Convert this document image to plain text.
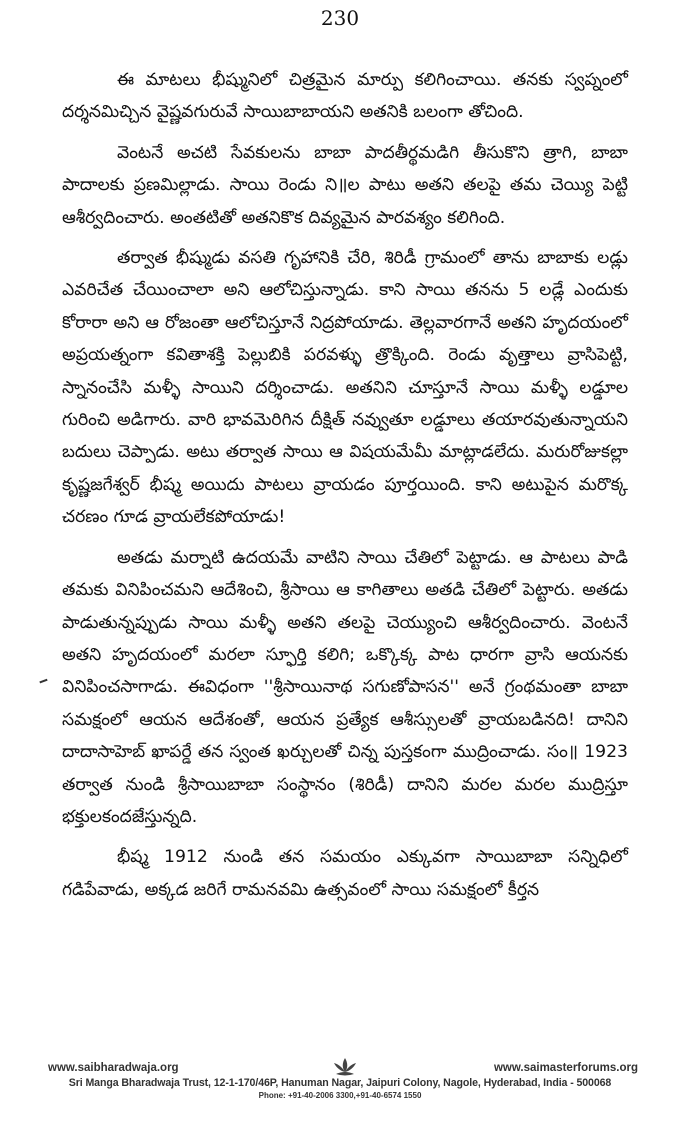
230

ఈ మాటలు భీష్మునిలో చిత్రమైన మార్పు కలిగించాయి. తనకు స్వప్నంలో దర్శనమిచ్చిన వైష్ణవగురువే సాయిబాబాయని అతనికి బలంగా తోచింది.

వెంటనే అచటి సేవకులను బాబా పాదతీర్థమడిగి తీసుకొని త్రాగి, బాబా పాదాలకు ప్రణమిల్లాడు. సాయి రెండు ని॥ల పాటు అతని తలపై తమ చెయ్యి పెట్టి ఆశీర్వదించారు. అంతటితో అతనికొక దివ్యమైన పారవశ్యం కలిగింది.

తర్వాత భీష్ముడు వసతి గృహానికి చేరి, శిరిడీ గ్రామంలో తాను బాబాకు లడ్లు ఎవరిచేత చేయించాలా అని ఆలోచిస్తున్నాడు. కాని సాయి తనను 5 లడ్లే ఎందుకు కోరారా అని ఆ రోజంతా ఆలోచిస్తూనే నిద్రపోయాడు. తెల్లవారగానే అతని హృదయంలో అప్రయత్నంగా కవితాశక్తి పెల్లుబికి పరవళ్ళు త్రొక్కింది. రెండు వృత్తాలు వ్రాసిపెట్టి, స్నానంచేసి మళ్ళీ సాయిని దర్శించాడు. అతనిని చూస్తూనే సాయి మళ్ళీ లడ్డూల గురించి అడిగారు. వారి భావమెరిగిన దీక్షిత్ నవ్వుతూ లడ్డూలు తయారవుతున్నాయని బదులు చెప్పాడు. అటు తర్వాత సాయి ఆ విషయమేమీ మాట్లాడలేదు. మరురోజుకల్లా కృష్ణజగేశ్వర్ భీష్మ అయిదు పాటలు వ్రాయడం పూర్తయింది. కాని అటుపైన మరొక్క చరణం గూడ వ్రాయలేకపోయాడు!

అతడు మర్నాటి ఉదయమే వాటిని సాయి చేతిలో పెట్టాడు. ఆ పాటలు పాడి తమకు వినిపించమని ఆదేశించి, శ్రీసాయి ఆ కాగితాలు అతడి చేతిలో పెట్టారు. అతడు పాడుతున్నప్పుడు సాయి మళ్ళీ అతని తలపై చెయ్యుంచి ఆశీర్వదించారు. వెంటనే అతని హృదయంలో మరలా స్ఫూర్తి కలిగి; ఒక్కొక్క పాట ధారగా వ్రాసి ఆయనకు వినిపించసాగాడు. ఈవిధంగా ''శ్రీసాయినాథ సగుణోపాసన'' అనే గ్రంథమంతా బాబా సమక్షంలో ఆయన ఆదేశంతో, ఆయన ప్రత్యేక ఆశీస్సులతో వ్రాయబడినది! దానిని దాదాసాహెబ్ ఖాపర్డే తన స్వంత ఖర్చులతో చిన్న పుస్తకంగా ముద్రించాడు. సం॥ 1923 తర్వాత నుండి శ్రీసాయిబాబా సంస్థానం (శిరిడీ) దానిని మరల మరల ముద్రిస్తూ భక్తులకందజేస్తున్నది.

భీష్మ 1912 నుండి తన సమయం ఎక్కువగా సాయిబాబా సన్నిధిలో గడిపేవాడు, అక్కడ జరిగే రామనవమి ఉత్సవంలో సాయి సమక్షంలో కీర్తన

www.saibharadwaja.org	www.saimasterforums.org
Sri Manga Bharadwaja Trust, 12-1-170/46P, Hanuman Nagar, Jaipuri Colony, Nagole, Hyderabad, India - 500068
Phone: +91-40-2006 3300,+91-40-6574 1550
